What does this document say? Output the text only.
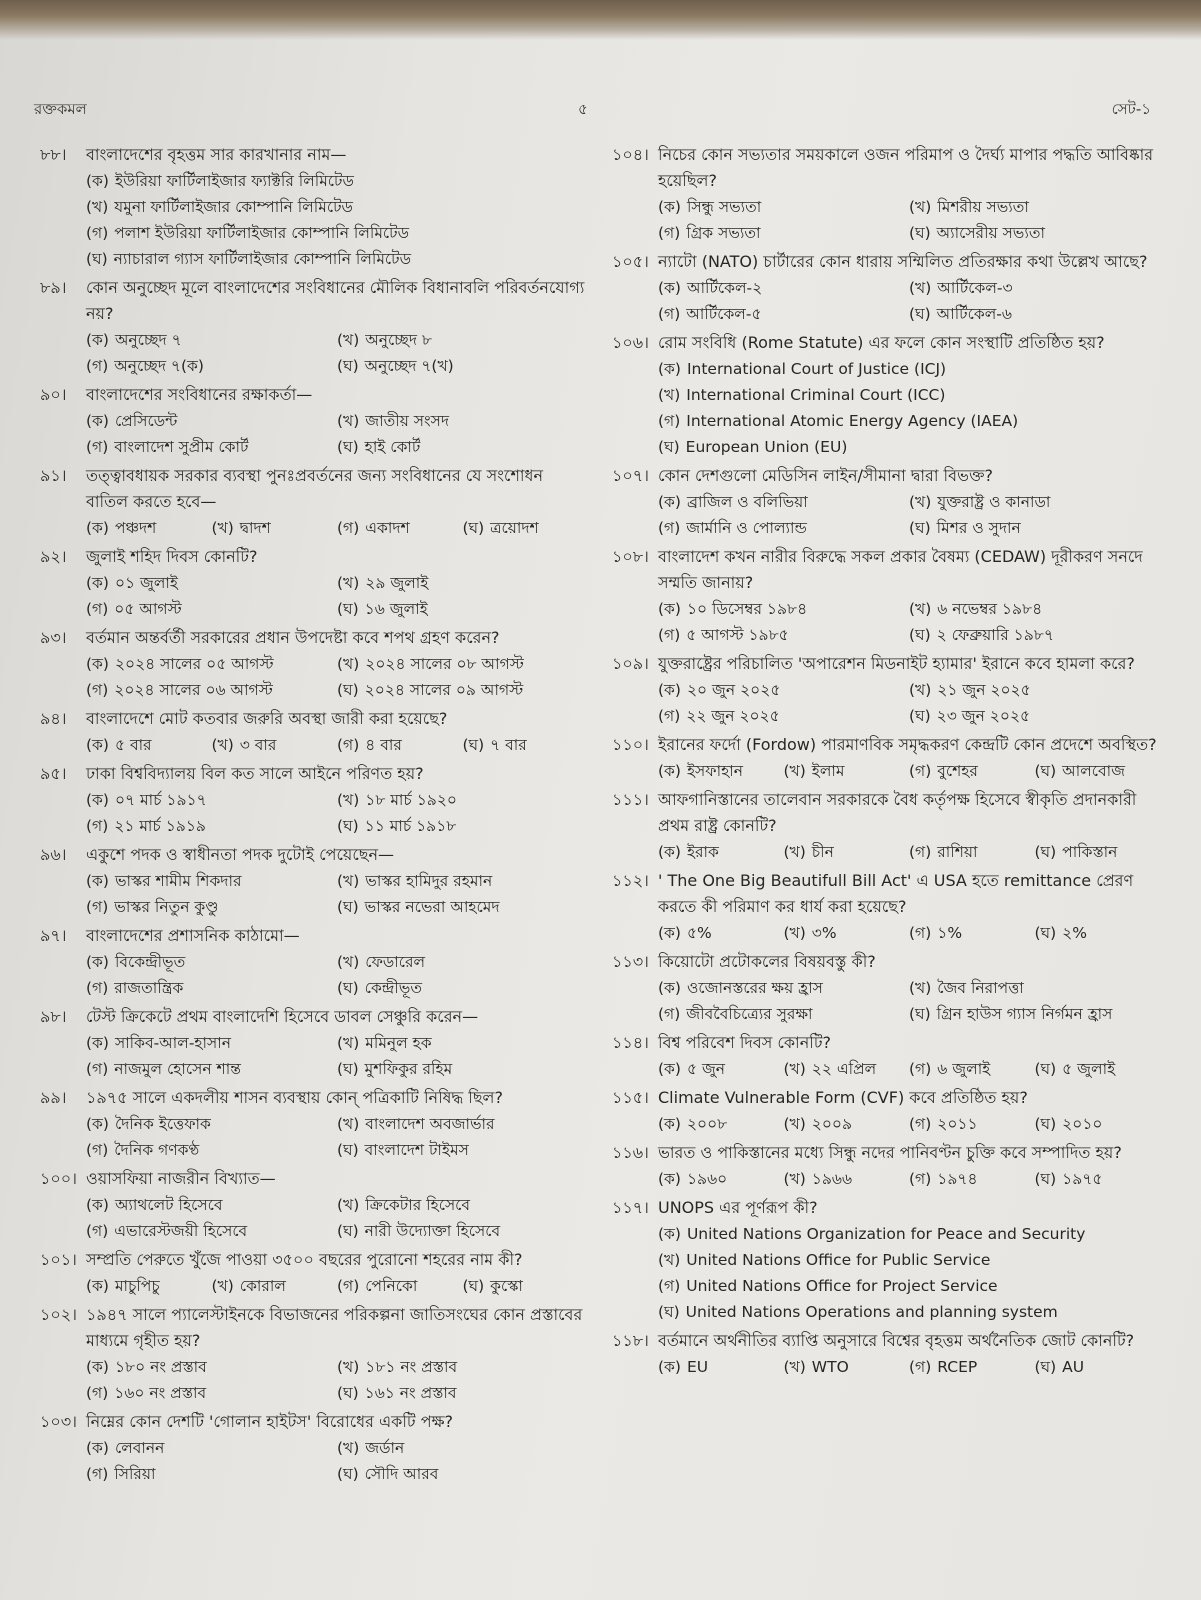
রক্তকমল	৫	সেট-১
৮৮।	বাংলাদেশের বৃহত্তম সার কারখানার নাম—
(ক) ইউরিয়া ফার্টিলাইজার ফ্যাক্টরি লিমিটেড
(খ) যমুনা ফার্টিলাইজার কোম্পানি লিমিটেড
(গ) পলাশ ইউরিয়া ফার্টিলাইজার কোম্পানি লিমিটেড
(ঘ) ন্যাচারাল গ্যাস ফার্টিলাইজার কোম্পানি লিমিটেড
৮৯।	কোন অনুচ্ছেদ মূলে বাংলাদেশের সংবিধানের মৌলিক বিধানাবলি পরিবর্তনযোগ্য নয়?
(ক) অনুচ্ছেদ ৭	(খ) অনুচ্ছেদ ৮
(গ) অনুচ্ছেদ ৭(ক)	(ঘ) অনুচ্ছেদ ৭(খ)
৯০।	বাংলাদেশের সংবিধানের রক্ষাকর্তা—
(ক) প্রেসিডেন্ট	(খ) জাতীয় সংসদ
(গ) বাংলাদেশ সুপ্রীম কোর্ট	(ঘ) হাই কোর্ট
৯১।	তত্ত্বাবধায়ক সরকার ব্যবস্থা পুনঃপ্রবর্তনের জন্য সংবিধানের যে সংশোধন বাতিল করতে হবে—
(ক) পঞ্চদশ	(খ) দ্বাদশ	(গ) একাদশ	(ঘ) ত্রয়োদশ
৯২।	জুলাই শহিদ দিবস কোনটি?
(ক) ০১ জুলাই	(খ) ২৯ জুলাই
(গ) ০৫ আগস্ট	(ঘ) ১৬ জুলাই
৯৩।	বর্তমান অন্তর্বর্তী সরকারের প্রধান উপদেষ্টা কবে শপথ গ্রহণ করেন?
(ক) ২০২৪ সালের ০৫ আগস্ট	(খ) ২০২৪ সালের ০৮ আগস্ট
(গ) ২০২৪ সালের ০৬ আগস্ট	(ঘ) ২০২৪ সালের ০৯ আগস্ট
৯৪।	বাংলাদেশে মোট কতবার জরুরি অবস্থা জারী করা হয়েছে?
(ক) ৫ বার	(খ) ৩ বার	(গ) ৪ বার	(ঘ) ৭ বার
৯৫।	ঢাকা বিশ্ববিদ্যালয় বিল কত সালে আইনে পরিণত হয়?
(ক) ০৭ মার্চ ১৯১৭	(খ) ১৮ মার্চ ১৯২০
(গ) ২১ মার্চ ১৯১৯	(ঘ) ১১ মার্চ ১৯১৮
৯৬।	একুশে পদক ও স্বাধীনতা পদক দুটোই পেয়েছেন—
(ক) ভাস্কর শামীম শিকদার	(খ) ভাস্কর হামিদুর রহমান
(গ) ভাস্কর নিতুন কুণ্ডু	(ঘ) ভাস্কর নভেরা আহমেদ
৯৭।	বাংলাদেশের প্রশাসনিক কাঠামো—
(ক) বিকেন্দ্রীভূত	(খ) ফেডারেল
(গ) রাজতান্ত্রিক	(ঘ) কেন্দ্রীভূত
৯৮।	টেস্ট ক্রিকেটে প্রথম বাংলাদেশি হিসেবে ডাবল সেঞ্চুরি করেন—
(ক) সাকিব-আল-হাসান	(খ) মমিনুল হক
(গ) নাজমুল হোসেন শান্ত	(ঘ) মুশফিকুর রহিম
৯৯।	১৯৭৫ সালে একদলীয় শাসন ব্যবস্থায় কোন্ পত্রিকাটি নিষিদ্ধ ছিল?
(ক) দৈনিক ইত্তেফাক	(খ) বাংলাদেশ অবজার্ভার
(গ) দৈনিক গণকণ্ঠ	(ঘ) বাংলাদেশ টাইমস
১০০। ওয়াসফিয়া নাজরীন বিখ্যাত—
(ক) অ্যাথলেট হিসেবে	(খ) ক্রিকেটার হিসেবে
(গ) এভারেস্টজয়ী হিসেবে	(ঘ) নারী উদ্যোক্তা হিসেবে
১০১। সম্প্রতি পেরুতে খুঁজে পাওয়া ৩৫০০ বছরের পুরোনো শহরের নাম কী?
(ক) মাচুপিচু	(খ) কোরাল	(গ) পেনিকো	(ঘ) কুস্কো
১০২। ১৯৪৭ সালে প্যালেস্টাইনকে বিভাজনের পরিকল্পনা জাতিসংঘের কোন প্রস্তাবের মাধ্যমে গৃহীত হয়?
(ক) ১৮০ নং প্রস্তাব	(খ) ১৮১ নং প্রস্তাব
(গ) ১৬০ নং প্রস্তাব	(ঘ) ১৬১ নং প্রস্তাব
১০৩। নিম্নের কোন দেশটি 'গোলান হাইটস' বিরোধের একটি পক্ষ?
(ক) লেবানন	(খ) জর্ডান
(গ) সিরিয়া	(ঘ) সৌদি আরব
১০৪। নিচের কোন সভ্যতার সময়কালে ওজন পরিমাপ ও দৈর্ঘ্য মাপার পদ্ধতি আবিষ্কার হয়েছিল?
(ক) সিন্ধু সভ্যতা	(খ) মিশরীয় সভ্যতা
(গ) গ্রিক সভ্যতা	(ঘ) অ্যাসেরীয় সভ্যতা
১০৫। ন্যাটো (NATO) চার্টারের কোন ধারায় সম্মিলিত প্রতিরক্ষার কথা উল্লেখ আছে?
(ক) আর্টিকেল-২	(খ) আর্টিকেল-৩
(গ) আর্টিকেল-৫	(ঘ) আর্টিকেল-৬
১০৬। রোম সংবিধি (Rome Statute) এর ফলে কোন সংস্থাটি প্রতিষ্ঠিত হয়?
(ক) International Court of Justice (ICJ)
(খ) International Criminal Court (ICC)
(গ) International Atomic Energy Agency (IAEA)
(ঘ) European Union (EU)
১০৭। কোন দেশগুলো মেডিসিন লাইন/সীমানা দ্বারা বিভক্ত?
(ক) ব্রাজিল ও বলিভিয়া	(খ) যুক্তরাষ্ট্র ও কানাডা
(গ) জার্মানি ও পোল্যান্ড	(ঘ) মিশর ও সুদান
১০৮। বাংলাদেশ কখন নারীর বিরুদ্ধে সকল প্রকার বৈষম্য (CEDAW) দূরীকরণ সনদে সম্মতি জানায়?
(ক) ১০ ডিসেম্বর ১৯৮৪	(খ) ৬ নভেম্বর ১৯৮৪
(গ) ৫ আগস্ট ১৯৮৫	(ঘ) ২ ফেব্রুয়ারি ১৯৮৭
১০৯। যুক্তরাষ্ট্রের পরিচালিত 'অপারেশন মিডনাইট হ্যামার' ইরানে কবে হামলা করে?
(ক) ২০ জুন ২০২৫	(খ) ২১ জুন ২০২৫
(গ) ২২ জুন ২০২৫	(ঘ) ২৩ জুন ২০২৫
১১০। ইরানের ফর্দো (Fordow) পারমাণবিক সমৃদ্ধকরণ কেন্দ্রটি কোন প্রদেশে অবস্থিত?
(ক) ইসফাহান	(খ) ইলাম	(গ) বুশেহর	(ঘ) আলবোজ
১১১। আফগানিস্তানের তালেবান সরকারকে বৈধ কর্তৃপক্ষ হিসেবে স্বীকৃতি প্রদানকারী প্রথম রাষ্ট্র কোনটি?
(ক) ইরাক	(খ) চীন	(গ) রাশিয়া	(ঘ) পাকিস্তান
১১২। ' The One Big Beautifull Bill Act' এ USA হতে remittance প্রেরণ করতে কী পরিমাণ কর ধার্য করা হয়েছে?
(ক) ৫%	(খ) ৩%	(গ) ১%	(ঘ) ২%
১১৩। কিয়োটো প্রটোকলের বিষয়বস্তু কী?
(ক) ওজোনস্তরের ক্ষয় হ্রাস	(খ) জৈব নিরাপত্তা
(গ) জীববৈচিত্র্যের সুরক্ষা	(ঘ) গ্রিন হাউস গ্যাস নির্গমন হ্রাস
১১৪। বিশ্ব পরিবেশ দিবস কোনটি?
(ক) ৫ জুন	(খ) ২২ এপ্রিল	(গ) ৬ জুলাই	(ঘ) ৫ জুলাই
১১৫। Climate Vulnerable Form (CVF) কবে প্রতিষ্ঠিত হয়?
(ক) ২০০৮	(খ) ২০০৯	(গ) ২০১১	(ঘ) ২০১০
১১৬। ভারত ও পাকিস্তানের মধ্যে সিন্ধু নদের পানিবণ্টন চুক্তি কবে সম্পাদিত হয়?
(ক) ১৯৬০	(খ) ১৯৬৬	(গ) ১৯৭৪	(ঘ) ১৯৭৫
১১৭। UNOPS এর পূর্ণরূপ কী?
(ক) United Nations Organization for Peace and Security
(খ) United Nations Office for Public Service
(গ) United Nations Office for Project Service
(ঘ) United Nations Operations and planning system
১১৮। বর্তমানে অর্থনীতির ব্যাপ্তি অনুসারে বিশ্বের বৃহত্তম অর্থনৈতিক জোট কোনটি?
(ক) EU	(খ) WTO	(গ) RCEP	(ঘ) AU
